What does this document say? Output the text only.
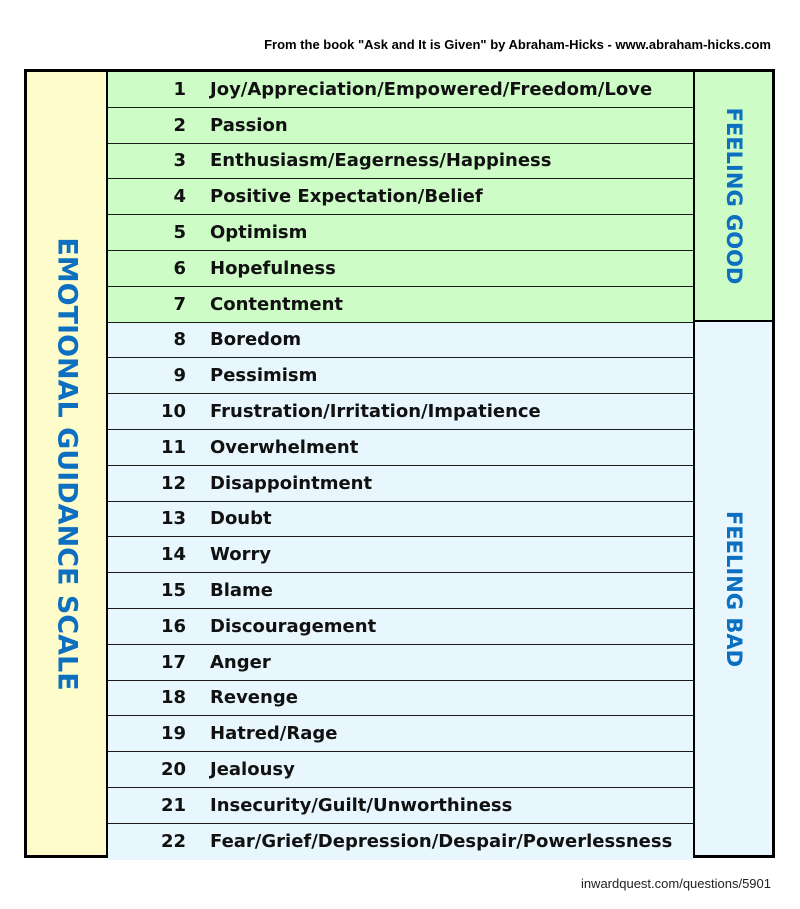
From the book "Ask and It is Given" by Abraham-Hicks - www.abraham-hicks.com
EMOTIONAL GUIDANCE SCALE
1 Joy/Appreciation/Empowered/Freedom/Love
2 Passion
3 Enthusiasm/Eagerness/Happiness
4 Positive Expectation/Belief
5 Optimism
6 Hopefulness
7 Contentment
8 Boredom
9 Pessimism
10 Frustration/Irritation/Impatience
11 Overwhelment
12 Disappointment
13 Doubt
14 Worry
15 Blame
16 Discouragement
17 Anger
18 Revenge
19 Hatred/Rage
20 Jealousy
21 Insecurity/Guilt/Unworthiness
22 Fear/Grief/Depression/Despair/Powerlessness
FEELING GOOD
FEELING BAD
inwardquest.com/questions/5901
